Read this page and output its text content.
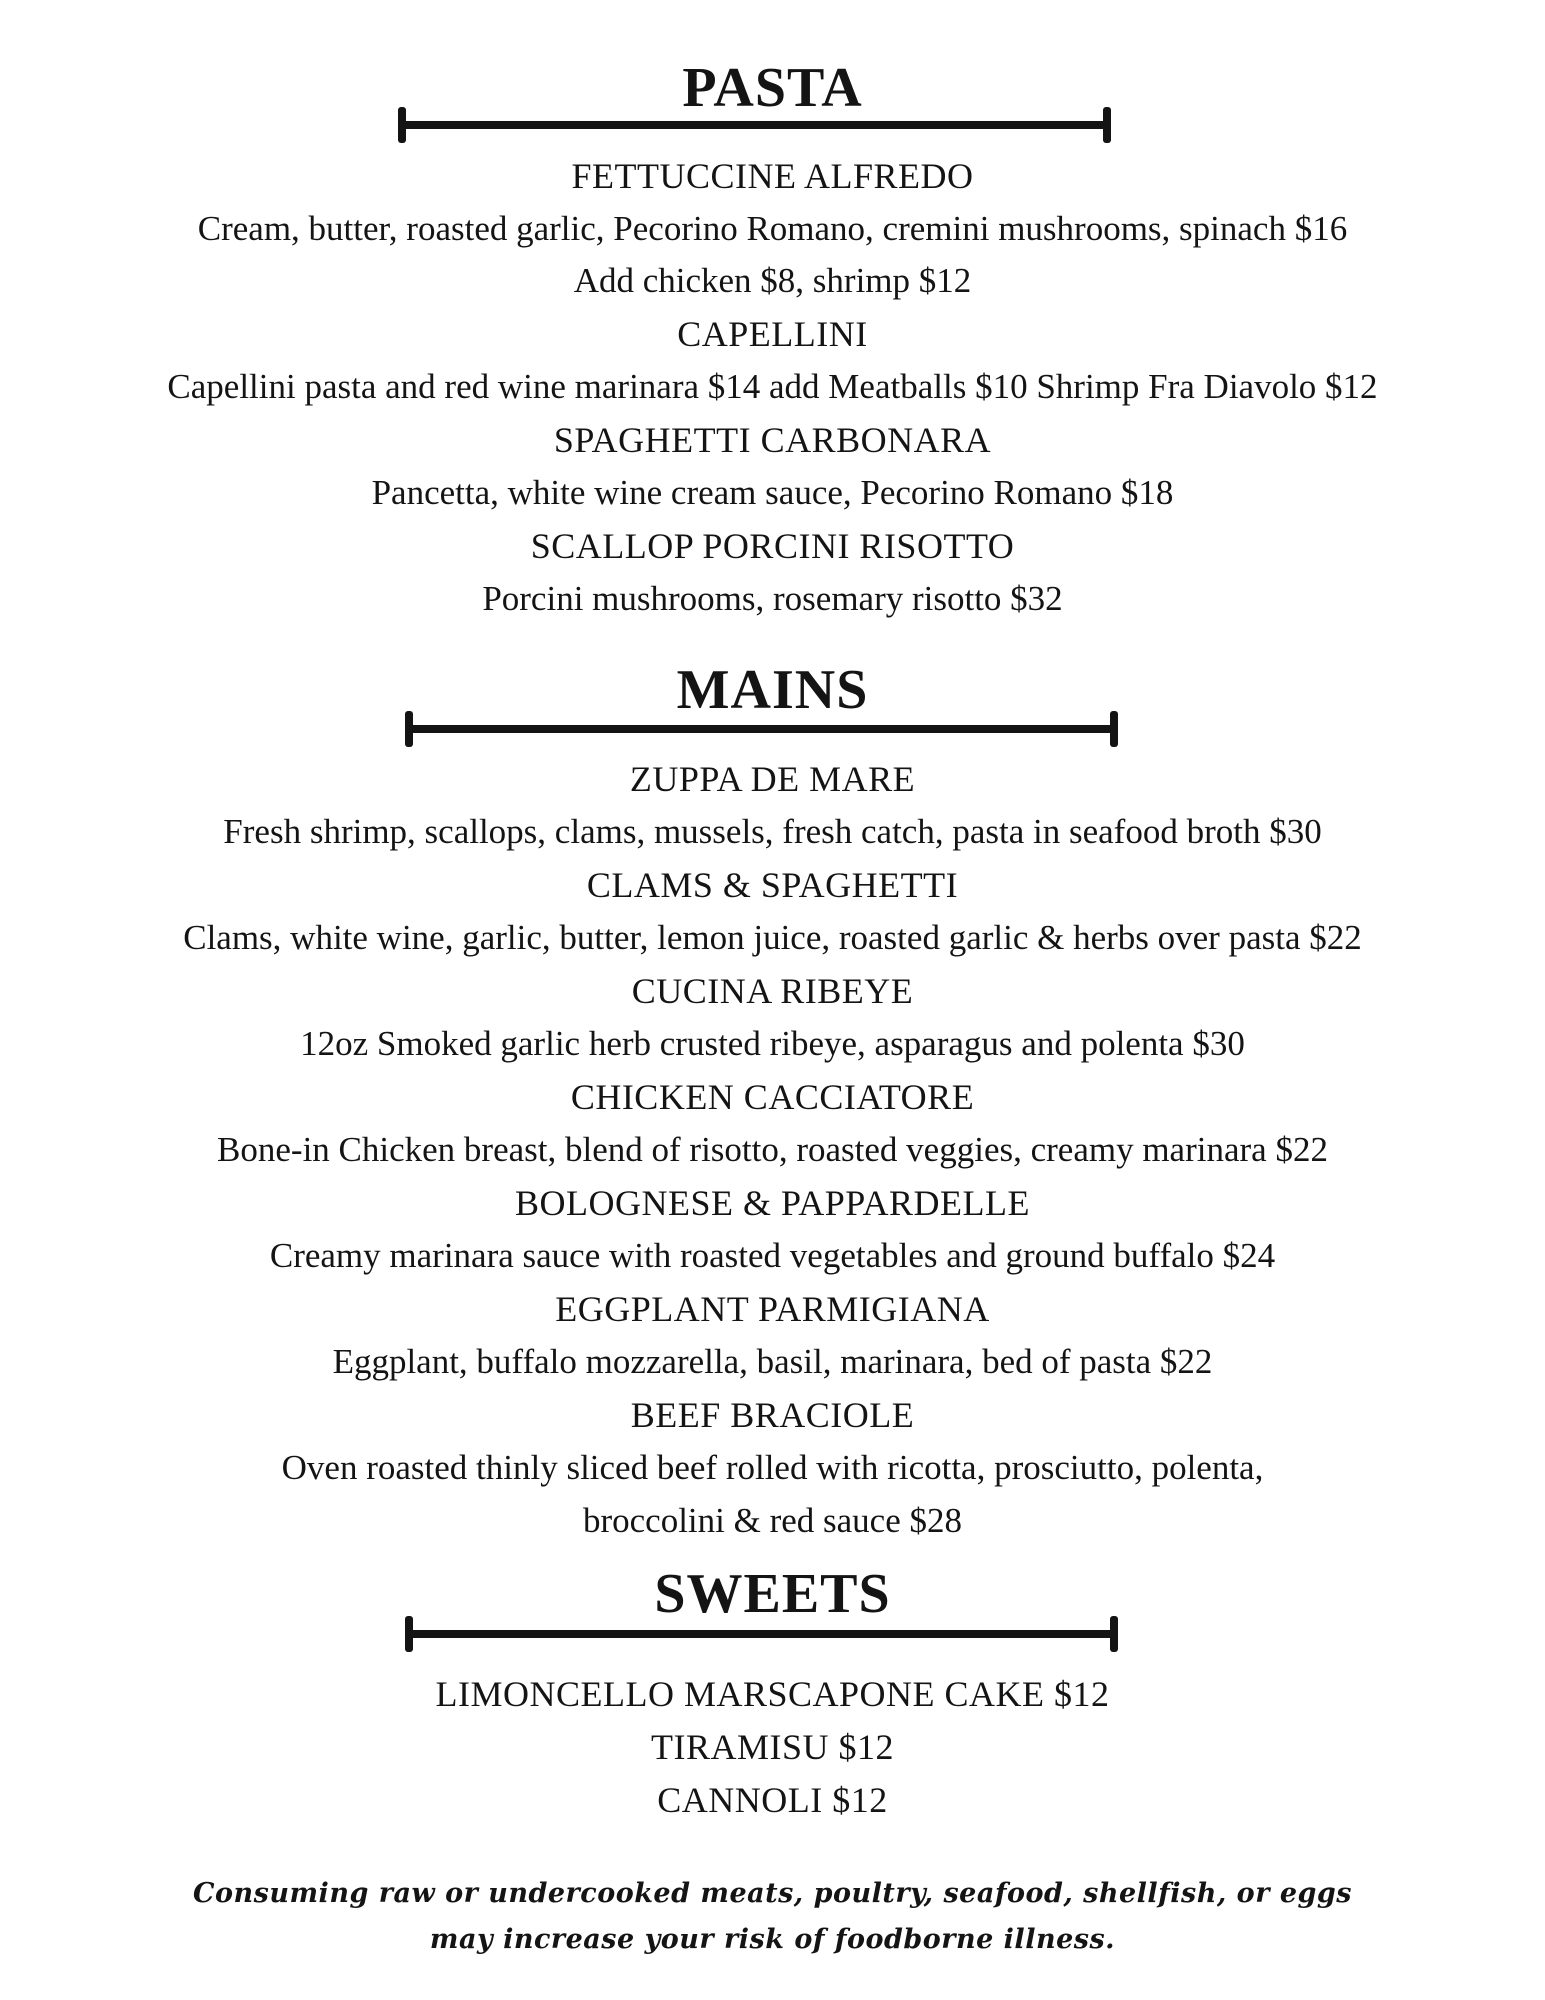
PASTA
FETTUCCINE ALFREDO
Cream, butter, roasted garlic, Pecorino Romano, cremini mushrooms, spinach $16
Add chicken $8, shrimp $12
CAPELLINI
Capellini pasta and red wine marinara $14 add Meatballs $10 Shrimp Fra Diavolo $12
SPAGHETTI CARBONARA
Pancetta, white wine cream sauce, Pecorino Romano $18
SCALLOP PORCINI RISOTTO
Porcini mushrooms, rosemary risotto $32
MAINS
ZUPPA DE MARE
Fresh shrimp, scallops, clams, mussels, fresh catch, pasta in seafood broth $30
CLAMS & SPAGHETTI
Clams, white wine, garlic, butter, lemon juice, roasted garlic & herbs over pasta $22
CUCINA RIBEYE
12oz Smoked garlic herb crusted ribeye, asparagus and polenta $30
CHICKEN CACCIATORE
Bone-in Chicken breast, blend of risotto, roasted veggies, creamy marinara $22
BOLOGNESE & PAPPARDELLE
Creamy marinara sauce with roasted vegetables and ground buffalo $24
EGGPLANT PARMIGIANA
Eggplant, buffalo mozzarella, basil, marinara, bed of pasta $22
BEEF BRACIOLE
Oven roasted thinly sliced beef rolled with ricotta, prosciutto, polenta,
broccolini & red sauce $28
SWEETS
LIMONCELLO MARSCAPONE CAKE $12
TIRAMISU $12
CANNOLI $12
Consuming raw or undercooked meats, poultry, seafood, shellfish, or eggs
may increase your risk of foodborne illness.
